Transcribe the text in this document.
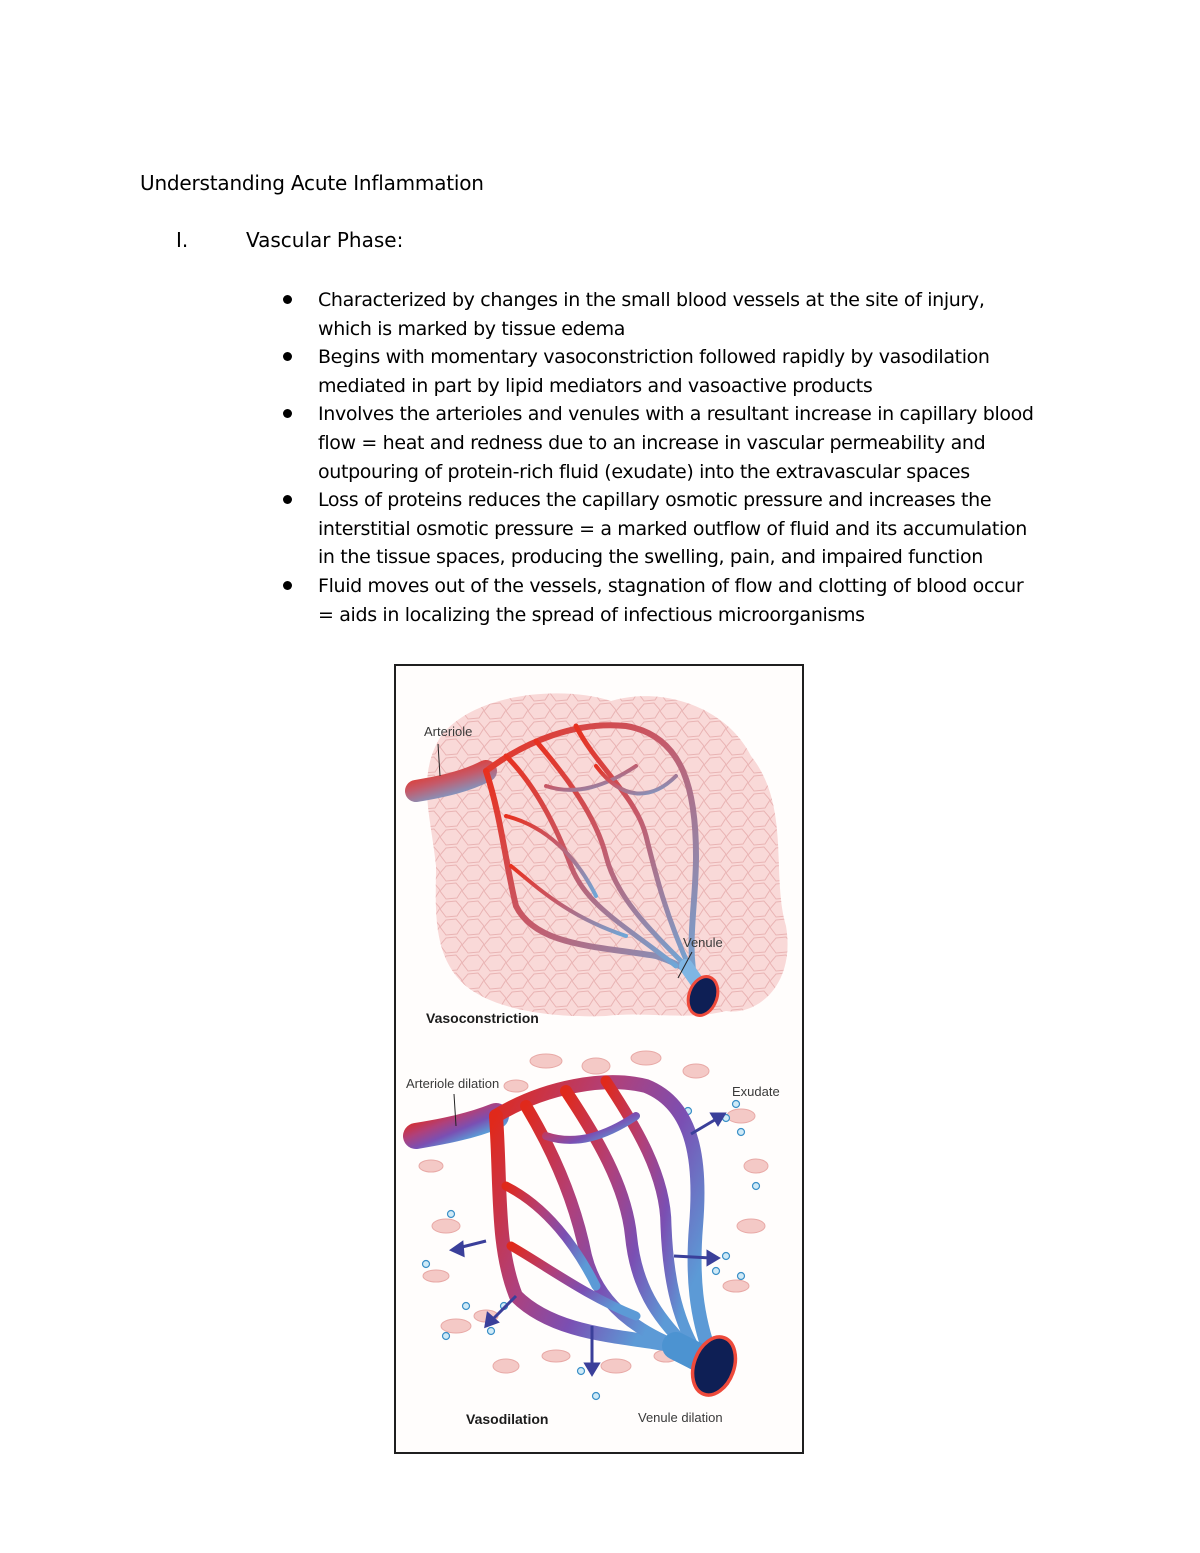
Understanding Acute Inflammation
I.	Vascular Phase:
Characterized by changes in the small blood vessels at the site of injury,
which is marked by tissue edema
Begins with momentary vasoconstriction followed rapidly by vasodilation
mediated in part by lipid mediators and vasoactive products
Involves the arterioles and venules with a resultant increase in capillary blood
flow = heat and redness due to an increase in vascular permeability and
outpouring of protein-rich fluid (exudate) into the extravascular spaces
Loss of proteins reduces the capillary osmotic pressure and increases the
interstitial osmotic pressure = a marked outflow of fluid and its accumulation
in the tissue spaces, producing the swelling, pain, and impaired function
Fluid moves out of the vessels, stagnation of flow and clotting of blood occur
= aids in localizing the spread of infectious microorganisms
Arteriole
Venule
Vasoconstriction
Arteriole dilation
Exudate
Vasodilation	Venule dilation
